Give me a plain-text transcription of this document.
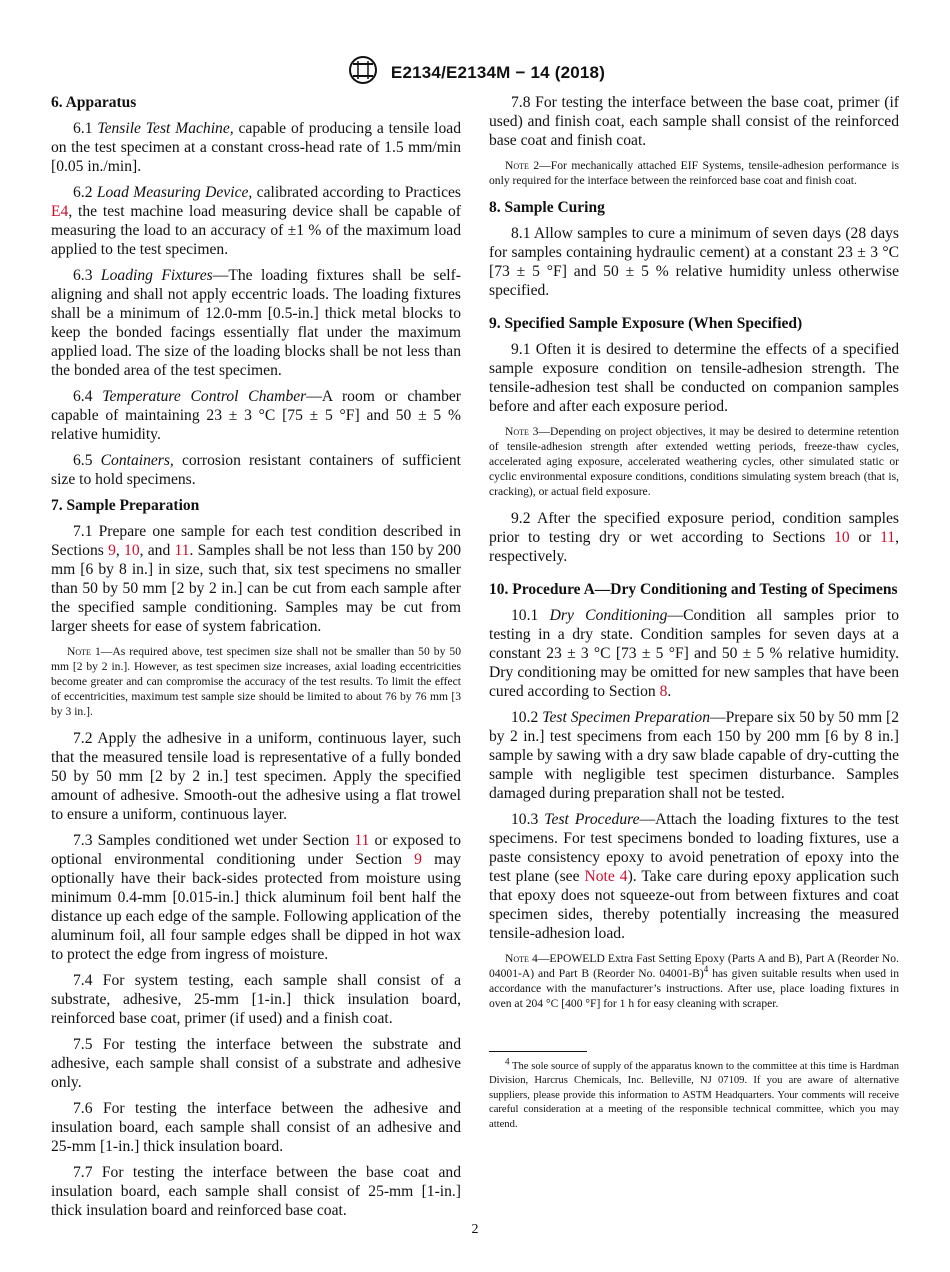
E2134/E2134M − 14 (2018)
6. Apparatus

6.1 Tensile Test Machine, capable of producing a tensile load on the test specimen at a constant cross-head rate of 1.5 mm/min [0.05 in./min].

6.2 Load Measuring Device, calibrated according to Practices E4, the test machine load measuring device shall be capable of measuring the load to an accuracy of ±1 % of the maximum load applied to the test specimen.

6.3 Loading Fixtures—The loading fixtures shall be self-aligning and shall not apply eccentric loads. The loading fixtures shall be a minimum of 12.0-mm [0.5-in.] thick metal blocks to keep the bonded facings essentially flat under the maximum applied load. The size of the loading blocks shall be not less than the bonded area of the test specimen.

6.4 Temperature Control Chamber—A room or chamber capable of maintaining 23 ± 3 °C [75 ± 5 °F] and 50 ± 5 % relative humidity.

6.5 Containers, corrosion resistant containers of sufficient size to hold specimens.

7. Sample Preparation

7.1 Prepare one sample for each test condition described in Sections 9, 10, and 11. Samples shall be not less than 150 by 200 mm [6 by 8 in.] in size, such that, six test specimens no smaller than 50 by 50 mm [2 by 2 in.] can be cut from each sample after the specified sample conditioning. Samples may be cut from larger sheets for ease of system fabrication.

Note 1—As required above, test specimen size shall not be smaller than 50 by 50 mm [2 by 2 in.]. However, as test specimen size increases, axial loading eccentricities become greater and can compromise the accuracy of the test results. To limit the effect of eccentricities, maximum test sample size should be limited to about 76 by 76 mm [3 by 3 in.].

7.2 Apply the adhesive in a uniform, continuous layer, such that the measured tensile load is representative of a fully bonded 50 by 50 mm [2 by 2 in.] test specimen. Apply the specified amount of adhesive. Smooth-out the adhesive using a flat trowel to ensure a uniform, continuous layer.

7.3 Samples conditioned wet under Section 11 or exposed to optional environmental conditioning under Section 9 may optionally have their back-sides protected from moisture using minimum 0.4-mm [0.015-in.] thick aluminum foil bent half the distance up each edge of the sample. Following application of the aluminum foil, all four sample edges shall be dipped in hot wax to protect the edge from ingress of moisture.

7.4 For system testing, each sample shall consist of a substrate, adhesive, 25-mm [1-in.] thick insulation board, reinforced base coat, primer (if used) and a finish coat.

7.5 For testing the interface between the substrate and adhesive, each sample shall consist of a substrate and adhesive only.

7.6 For testing the interface between the adhesive and insulation board, each sample shall consist of an adhesive and 25-mm [1-in.] thick insulation board.

7.7 For testing the interface between the base coat and insulation board, each sample shall consist of 25-mm [1-in.] thick insulation board and reinforced base coat.

7.8 For testing the interface between the base coat, primer (if used) and finish coat, each sample shall consist of the reinforced base coat and finish coat.

Note 2—For mechanically attached EIF Systems, tensile-adhesion performance is only required for the interface between the reinforced base coat and finish coat.

8. Sample Curing

8.1 Allow samples to cure a minimum of seven days (28 days for samples containing hydraulic cement) at a constant 23 ± 3 °C [73 ± 5 °F] and 50 ± 5 % relative humidity unless otherwise specified.

9. Specified Sample Exposure (When Specified)

9.1 Often it is desired to determine the effects of a specified sample exposure condition on tensile-adhesion strength. The tensile-adhesion test shall be conducted on companion samples before and after each exposure period.

Note 3—Depending on project objectives, it may be desired to determine retention of tensile-adhesion strength after extended wetting periods, freeze-thaw cycles, accelerated aging exposure, accelerated weathering cycles, other simulated static or cyclic environmental exposure conditions, conditions simulating system breach (that is, cracking), or actual field exposure.

9.2 After the specified exposure period, condition samples prior to testing dry or wet according to Sections 10 or 11, respectively.

10. Procedure A—Dry Conditioning and Testing of Specimens

10.1 Dry Conditioning—Condition all samples prior to testing in a dry state. Condition samples for seven days at a constant 23 ± 3 °C [73 ± 5 °F] and 50 ± 5 % relative humidity. Dry conditioning may be omitted for new samples that have been cured according to Section 8.

10.2 Test Specimen Preparation—Prepare six 50 by 50 mm [2 by 2 in.] test specimens from each 150 by 200 mm [6 by 8 in.] sample by sawing with a dry saw blade capable of dry-cutting the sample with negligible test specimen disturbance. Samples damaged during preparation shall not be tested.

10.3 Test Procedure—Attach the loading fixtures to the test specimens. For test specimens bonded to loading fixtures, use a paste consistency epoxy to avoid penetration of epoxy into the test plane (see Note 4). Take care during epoxy application such that epoxy does not squeeze-out from between fixtures and coat specimen sides, thereby potentially increasing the measured tensile-adhesion load.

Note 4—EPOWELD Extra Fast Setting Epoxy (Parts A and B), Part A (Reorder No. 04001-A) and Part B (Reorder No. 04001-B)$^4$ has given suitable results when used in accordance with the manufacturer’s instructions. After use, place loading fixtures in oven at 204 °C [400 °F] for 1 h for easy cleaning with scraper.

$^4$ The sole source of supply of the apparatus known to the committee at this time is Hardman Division, Harcrus Chemicals, Inc. Belleville, NJ 07109. If you are aware of alternative suppliers, please provide this information to ASTM Headquarters. Your comments will receive careful consideration at a meeting of the responsible technical committee, which you may attend.

2
